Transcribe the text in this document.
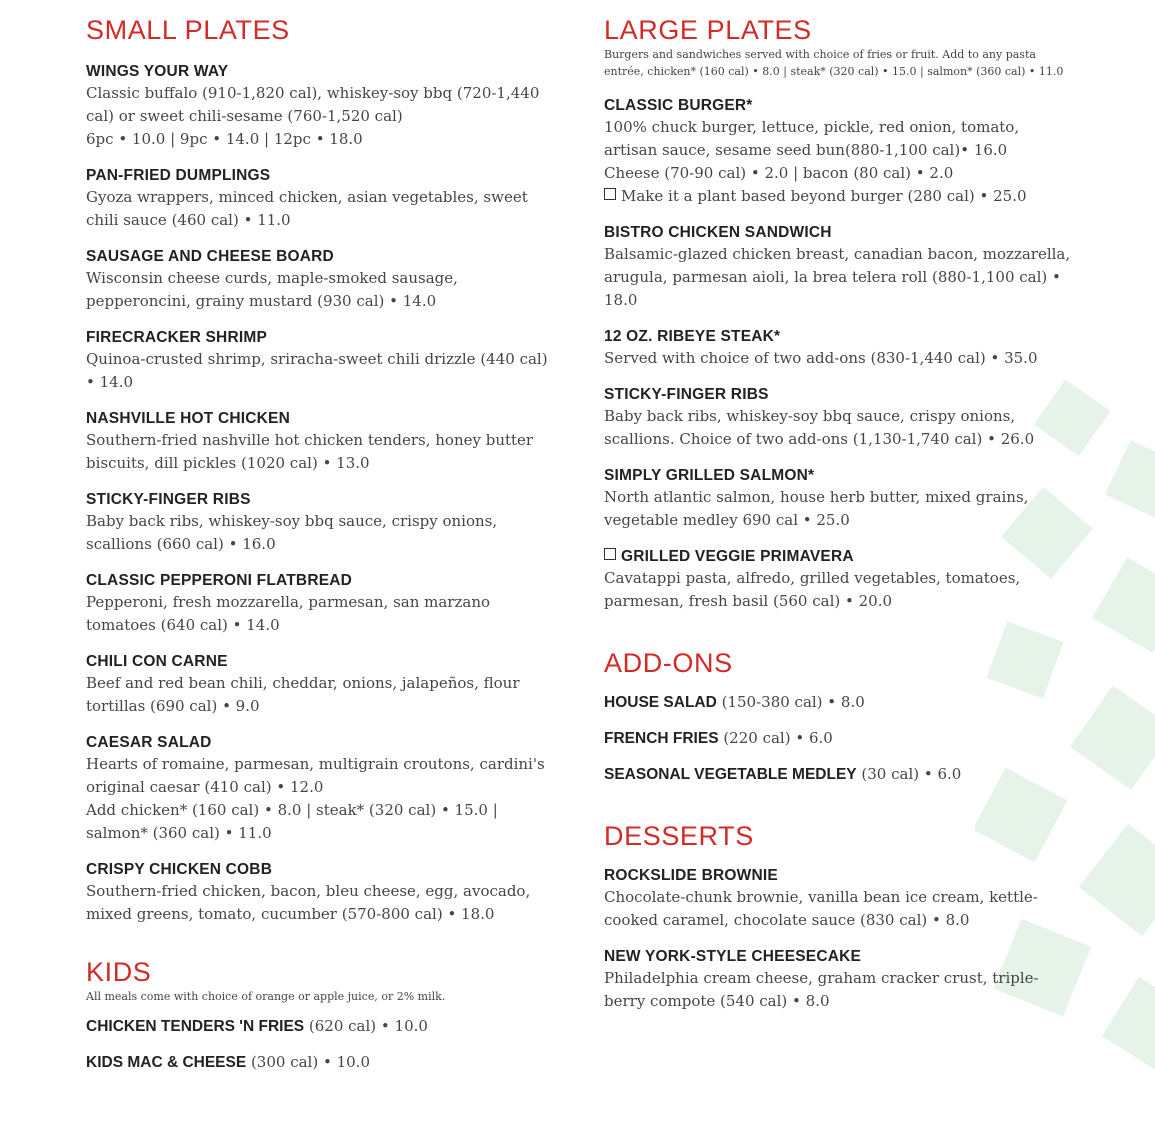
SMALL PLATES
WINGS YOUR WAY
Classic buffalo (910-1,820 cal), whiskey-soy bbq (720-1,440 cal) or sweet chili-sesame (760-1,520 cal)
6pc • 10.0 | 9pc • 14.0 | 12pc • 18.0
PAN-FRIED DUMPLINGS
Gyoza wrappers, minced chicken, asian vegetables, sweet chili sauce (460 cal) • 11.0
SAUSAGE AND CHEESE BOARD
Wisconsin cheese curds, maple-smoked sausage, pepperoncini, grainy mustard (930 cal) • 14.0
FIRECRACKER SHRIMP
Quinoa-crusted shrimp, sriracha-sweet chili drizzle (440 cal) • 14.0
NASHVILLE HOT CHICKEN
Southern-fried nashville hot chicken tenders, honey butter biscuits, dill pickles (1020 cal) • 13.0
STICKY-FINGER RIBS
Baby back ribs, whiskey-soy bbq sauce, crispy onions, scallions (660 cal) • 16.0
CLASSIC PEPPERONI FLATBREAD
Pepperoni, fresh mozzarella, parmesan, san marzano tomatoes (640 cal) • 14.0
CHILI CON CARNE
Beef and red bean chili, cheddar, onions, jalapeños, flour tortillas (690 cal) • 9.0
CAESAR SALAD
Hearts of romaine, parmesan, multigrain croutons, cardini's original caesar (410 cal) • 12.0
Add chicken* (160 cal) • 8.0 | steak* (320 cal) • 15.0 | salmon* (360 cal) • 11.0
CRISPY CHICKEN COBB
Southern-fried chicken, bacon, bleu cheese, egg, avocado, mixed greens, tomato, cucumber (570-800 cal) • 18.0
KIDS
All meals come with choice of orange or apple juice, or 2% milk.
CHICKEN TENDERS 'N FRIES (620 cal) • 10.0
KIDS MAC & CHEESE (300 cal) • 10.0
LARGE PLATES
Burgers and sandwiches served with choice of fries or fruit. Add to any pasta entrée, chicken* (160 cal) • 8.0 | steak* (320 cal) • 15.0 | salmon* (360 cal) • 11.0
CLASSIC BURGER*
100% chuck burger, lettuce, pickle, red onion, tomato, artisan sauce, sesame seed bun(880-1,100 cal)• 16.0
Cheese (70-90 cal) • 2.0 | bacon (80 cal) • 2.0
Make it a plant based beyond burger (280 cal) • 25.0
BISTRO CHICKEN SANDWICH
Balsamic-glazed chicken breast, canadian bacon, mozzarella, arugula, parmesan aioli, la brea telera roll (880-1,100 cal) • 18.0
12 OZ. RIBEYE STEAK*
Served with choice of two add-ons (830-1,440 cal) • 35.0
STICKY-FINGER RIBS
Baby back ribs, whiskey-soy bbq sauce, crispy onions, scallions. Choice of two add-ons (1,130-1,740 cal) • 26.0
SIMPLY GRILLED SALMON*
North atlantic salmon, house herb butter, mixed grains, vegetable medley 690 cal • 25.0
GRILLED VEGGIE PRIMAVERA
Cavatappi pasta, alfredo, grilled vegetables, tomatoes, parmesan, fresh basil (560 cal) • 20.0
ADD-ONS
HOUSE SALAD (150-380 cal) • 8.0
FRENCH FRIES (220 cal) • 6.0
SEASONAL VEGETABLE MEDLEY (30 cal) • 6.0
DESSERTS
ROCKSLIDE BROWNIE
Chocolate-chunk brownie, vanilla bean ice cream, kettle-cooked caramel, chocolate sauce (830 cal) • 8.0
NEW YORK-STYLE CHEESECAKE
Philadelphia cream cheese, graham cracker crust, triple-berry compote (540 cal) • 8.0
